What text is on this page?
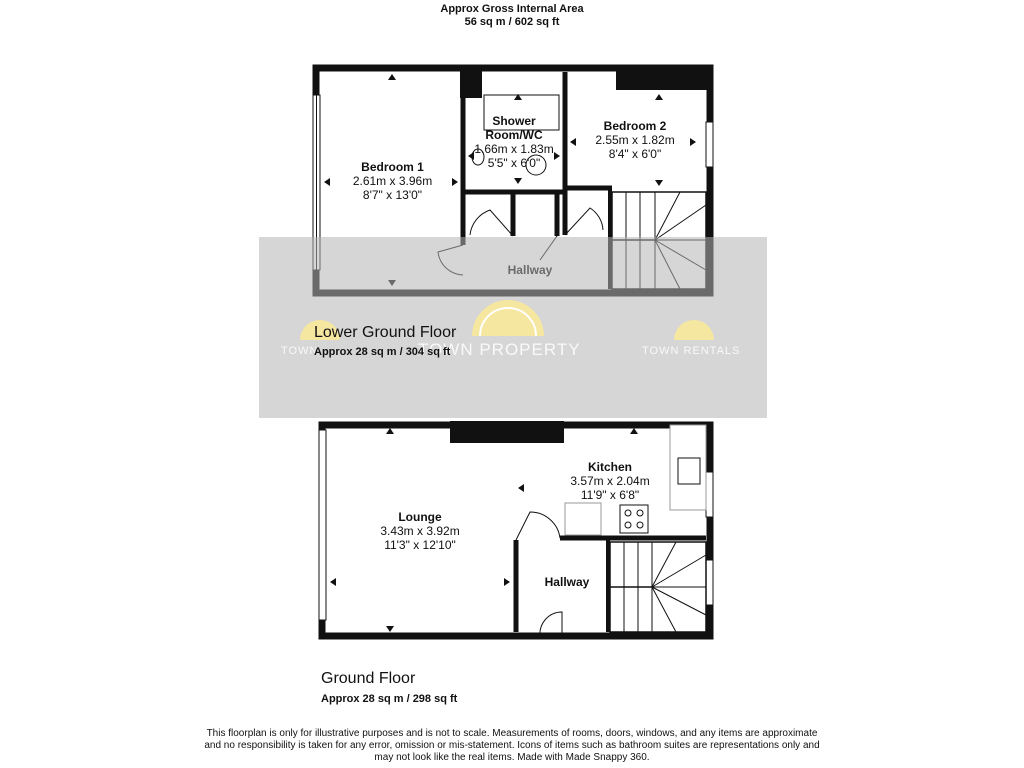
Approx Gross Internal Area
56 sq m / 602 sq ft
Bedroom 1
2.61m x 3.96m
8'7" x 13'0"
Shower
Room/WC
1.66m x 1.83m
5'5" x 6'0"
Bedroom 2
2.55m x 1.82m
8'4" x 6'0"
TOWN	TOWN PROPERTY	TOWN RENTALS
Lower Ground Floor
Approx 28 sq m / 304 sq ft
Lounge
3.43m x 3.92m
11'3" x 12'10"
Kitchen
3.57m x 2.04m
11'9" x 6'8"
Hallway
Ground Floor
Approx 28 sq m / 298 sq ft
This floorplan is only for illustrative purposes and is not to scale. Measurements of rooms, doors, windows, and any items are approximate
and no responsibility is taken for any error, omission or mis-statement. Icons of items such as bathroom suites are representations only and
may not look like the real items. Made with Made Snappy 360.
